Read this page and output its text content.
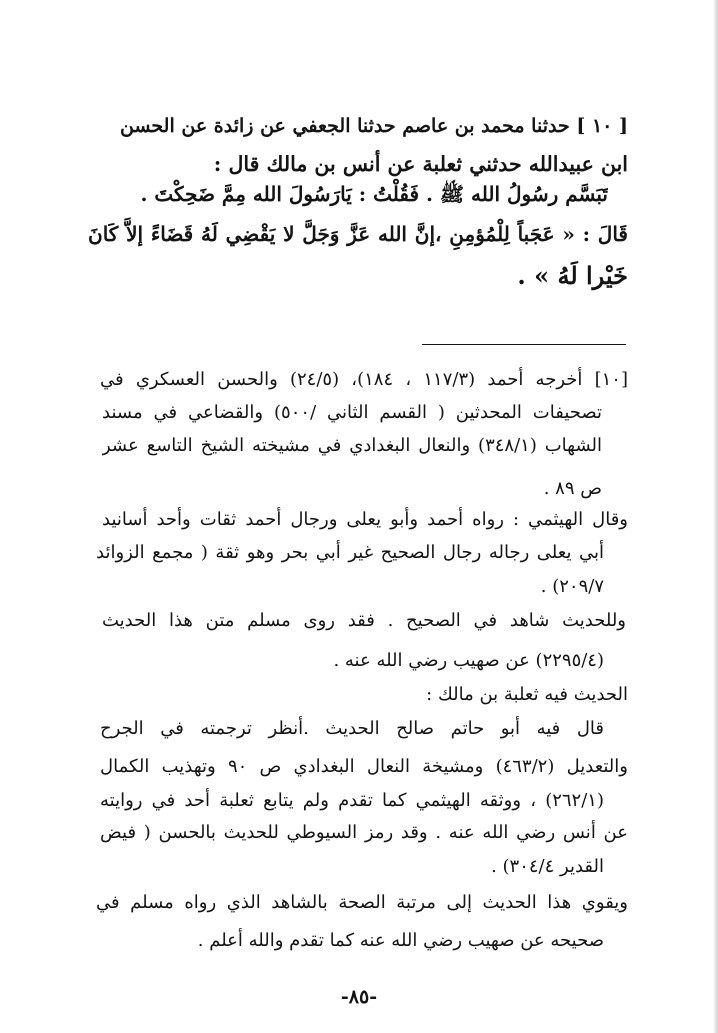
[ ١٠ ] حدثنا محمد بن عاصم حدثنا الجعفي عن زائدة عن الحسن
ابن عبيدالله حدثني ثعلبة عن أنس بن مالك قال :
تَبَسَّم رسُولُ الله ﷺ . فَقُلْتُ : يَارَسُولَ الله مِمَّ ضَحِكْتَ .
قَالَ : « عَجَباً لِلْمُؤمِنِ ،إنَّ الله عَزَّ وَجَلَّ لا يَقْضِي لَهُ قَضَاءً إلاَّ كَانَ
خَيْرا لَهُ » .
[١٠] أخرجه أحمد (١١٧/٣ ، ١٨٤)، (٢٤/٥) والحسن العسكري في
تصحيفات المحدثين ( القسم الثاني /٥٠٠) والقضاعي في مسند
الشهاب (٣٤٨/١) والنعال البغدادي في مشيخته الشيخ التاسع عشر
ص ٨٩ .
وقال الهيثمي : رواه أحمد وأبو يعلى ورجال أحمد ثقات وأحد أسانيد
أبي يعلى رجاله رجال الصحيح غير أبي بحر وهو ثقة ( مجمع الزوائد
. (٢٠٩/٧
وللحديث شاهد في الصحيح . فقد روى مسلم متن هذا الحديث
(٢٢٩٥/٤) عن صهيب رضي الله عنه .
الحديث فيه ثعلبة بن مالك :
قال فيه أبو حاتم صالح الحديث .أنظر ترجمته في الجرح
والتعديل (٤٦٣/٢) ومشيخة النعال البغدادي ص ٩٠ وتهذيب الكمال
(٢٦٢/١) ، ووثقه الهيثمي كما تقدم ولم يتابع ثعلبة أحد في روايته
عن أنس رضي الله عنه . وقد رمز السيوطي للحديث بالحسن ( فيض
القدير ٣٠٤/٤) .
ويقوي هذا الحديث إلى مرتبة الصحة بالشاهد الذي رواه مسلم في
صحيحه عن صهيب رضي الله عنه كما تقدم والله أعلم .
-٨٥-
